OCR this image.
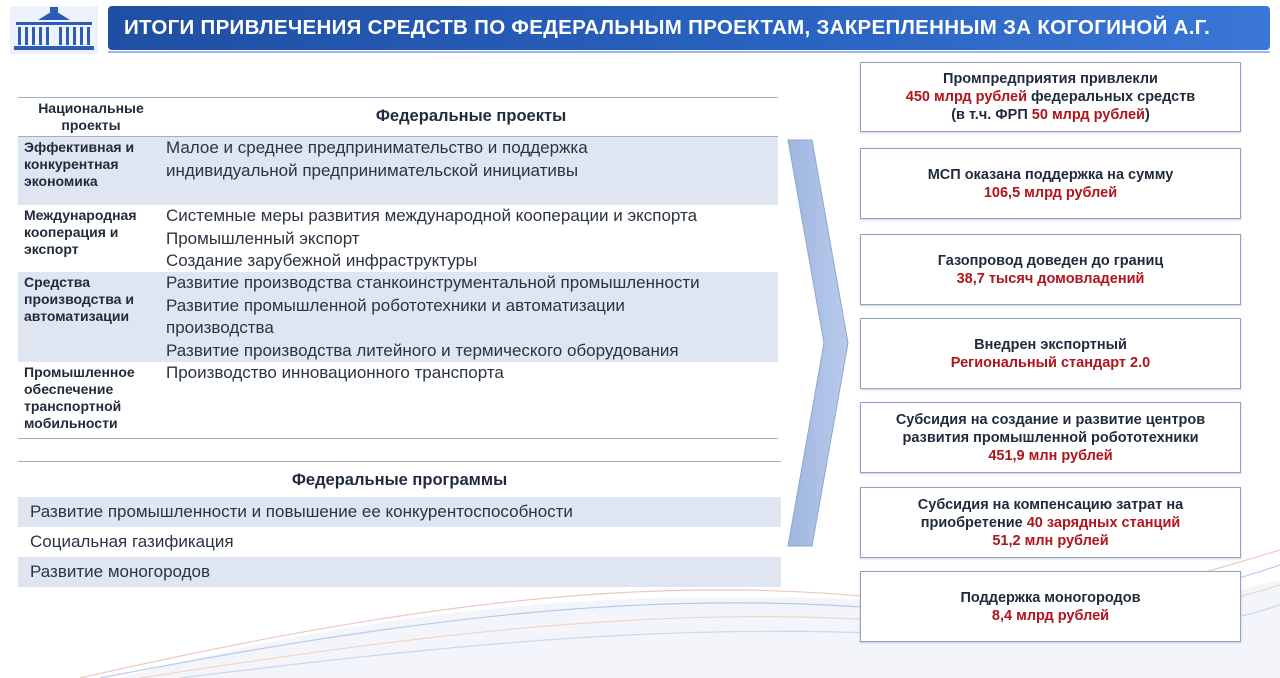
ИТОГИ ПРИВЛЕЧЕНИЯ СРЕДСТВ ПО ФЕДЕРАЛЬНЫМ ПРОЕКТАМ, ЗАКРЕПЛЕННЫМ ЗА КОГОГИНОЙ А.Г.
Национальные проекты	Федеральные проекты
Эффективная и конкурентная экономика
Малое и среднее предпринимательство и поддержка
индивидуальной предпринимательской инициативы
Международная кооперация и экспорт
Системные меры развития международной кооперации и экспорта
Промышленный экспорт
Создание зарубежной инфраструктуры
Средства производства и автоматизации
Развитие производства станкоинструментальной промышленности
Развитие промышленной робототехники и автоматизации
производства
Развитие производства литейного и термического оборудования
Промышленное обеспечение транспортной мобильности
Производство инновационного транспорта
Федеральные программы
Развитие промышленности и повышение ее конкурентоспособности
Социальная газификация
Развитие моногородов
Промпредприятия привлекли
450 млрд рублей федеральных средств
(в т.ч. ФРП 50 млрд рублей)
МСП оказана поддержка на сумму
106,5 млрд рублей
Газопровод доведен до границ
38,7 тысяч домовладений
Внедрен экспортный
Региональный стандарт 2.0
Субсидия на создание и развитие центров
развития промышленной робототехники
451,9 млн рублей
Субсидия на компенсацию затрат на
приобретение 40 зарядных станций
51,2 млн рублей
Поддержка моногородов
8,4 млрд рублей
